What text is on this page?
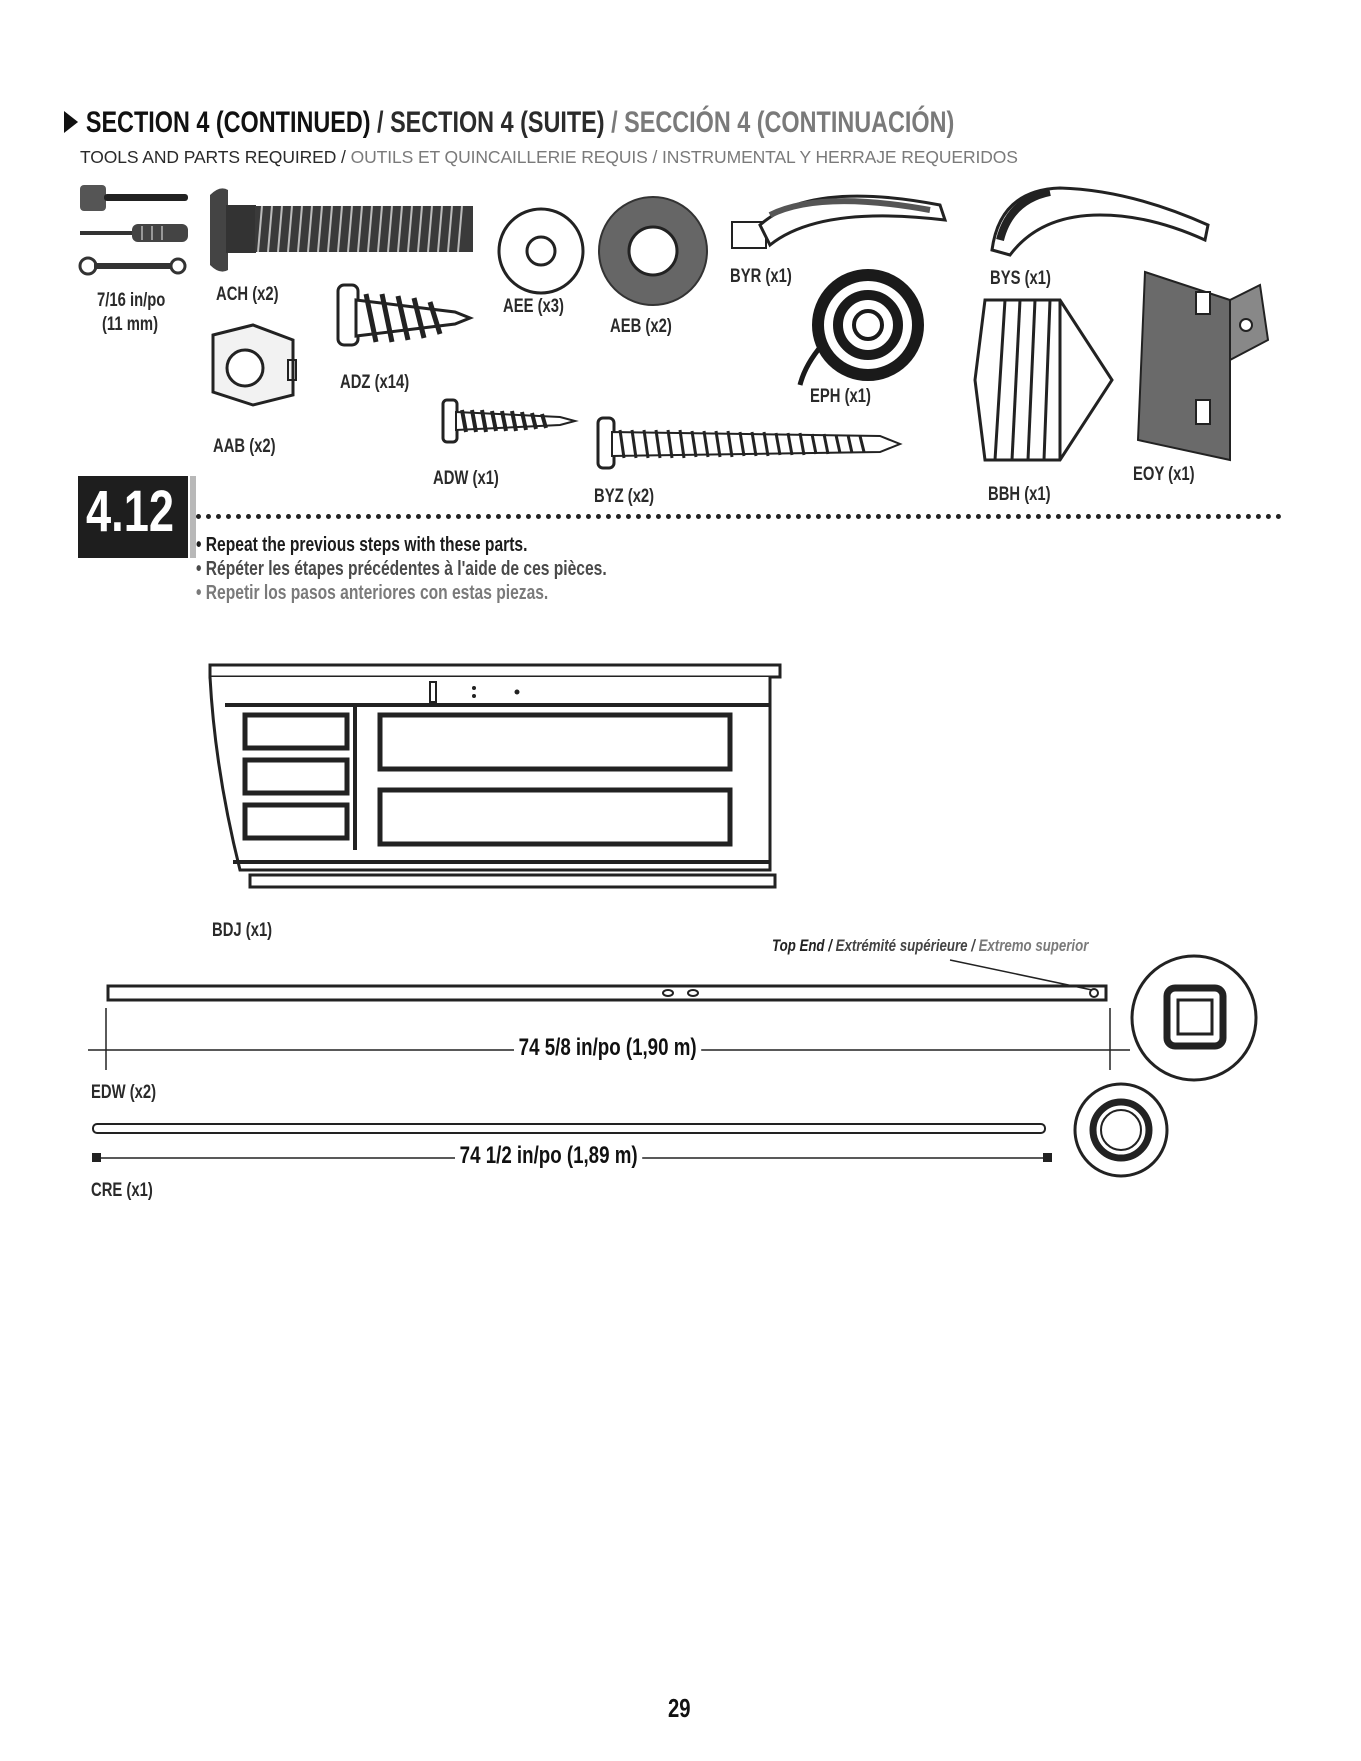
SECTION 4 (CONTINUED) / SECTION 4 (SUITE) / SECCIÓN 4 (CONTINUACIÓN)
TOOLS AND PARTS REQUIRED / OUTILS ET QUINCAILLERIE REQUIS / INSTRUMENTAL Y HERRAJE REQUERIDOS
7/16 in/po
(11 mm)
ACH (x2)
AAB (x2)
ADZ (x14)
AEE (x3)
AEB (x2)
ADW (x1)
BYR (x1)
EPH (x1)
BYZ (x2)
BYS (x1)
BBH (x1)
EOY (x1)
4.12
• Repeat the previous steps with these parts.
• Répéter les étapes précédentes à l'aide de ces pièces.
• Repetir los pasos anteriores con estas piezas.
BDJ (x1)
EDW (x2)
CRE (x1)
Top End / Extrémité supérieure / Extremo superior
74 5/8 in/po (1,90 m)
74 1/2 in/po (1,89 m)
29
